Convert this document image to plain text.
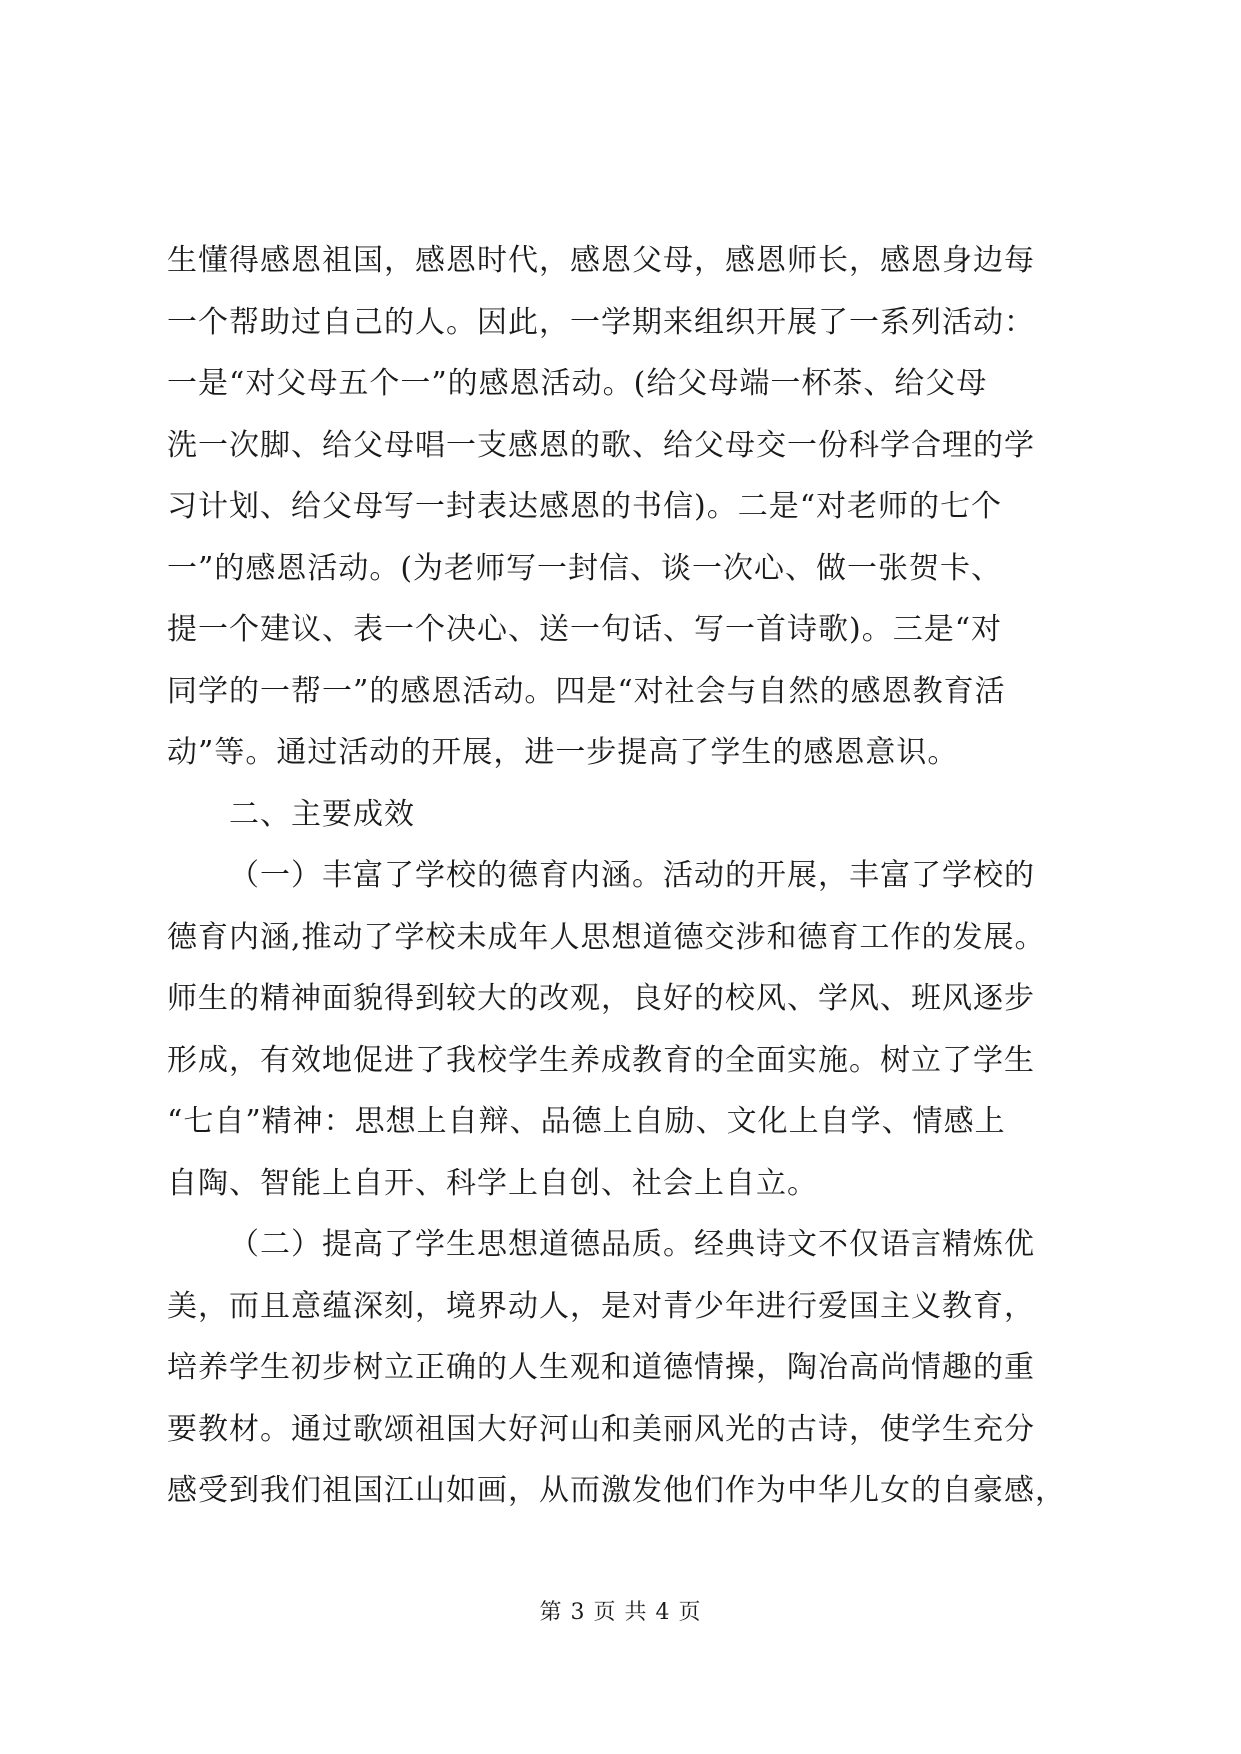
生懂得感恩祖国，感恩时代，感恩父母，感恩师长，感恩身边每
一个帮助过自己的人。因此，一学期来组织开展了一系列活动：
一是“对父母五个一”的感恩活动。(给父母端一杯茶、给父母
洗一次脚、给父母唱一支感恩的歌、给父母交一份科学合理的学
习计划、给父母写一封表达感恩的书信)。二是“对老师的七个
一”的感恩活动。(为老师写一封信、谈一次心、做一张贺卡、
提一个建议、表一个决心、送一句话、写一首诗歌)。三是“对
同学的一帮一”的感恩活动。四是“对社会与自然的感恩教育活
动”等。通过活动的开展，进一步提高了学生的感恩意识。
二、主要成效
（一）丰富了学校的德育内涵。活动的开展，丰富了学校的
德育内涵,推动了学校未成年人思想道德交涉和德育工作的发展。
师生的精神面貌得到较大的改观，良好的校风、学风、班风逐步
形成，有效地促进了我校学生养成教育的全面实施。树立了学生
“七自”精神：思想上自辩、品德上自励、文化上自学、情感上
自陶、智能上自开、科学上自创、社会上自立。
（二）提高了学生思想道德品质。经典诗文不仅语言精炼优
美，而且意蕴深刻，境界动人，是对青少年进行爱国主义教育，
培养学生初步树立正确的人生观和道德情操，陶冶高尚情趣的重
要教材。通过歌颂祖国大好河山和美丽风光的古诗，使学生充分
感受到我们祖国江山如画，从而激发他们作为中华儿女的自豪感，
第 3 页 共 4 页
